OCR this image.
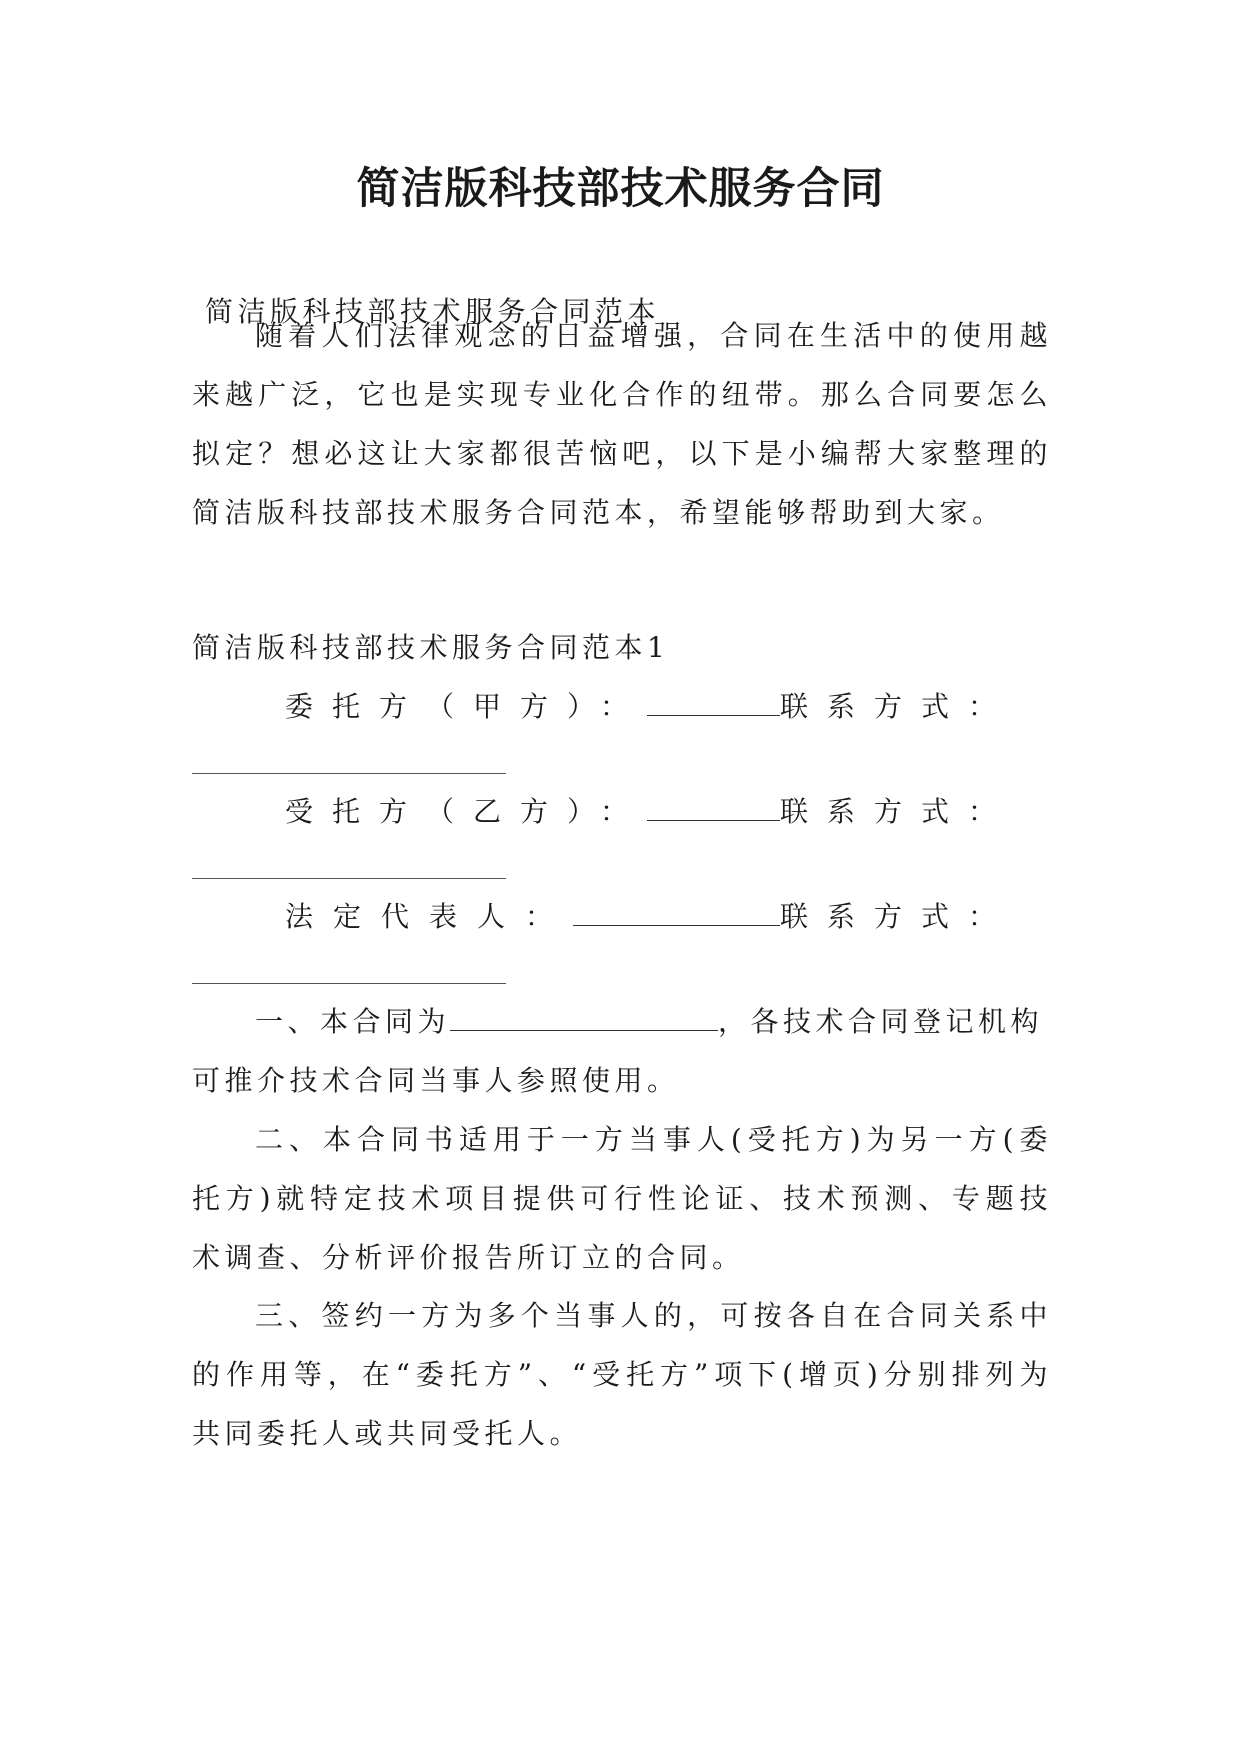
简洁版科技部技术服务合同
简洁版科技部技术服务合同范本
随着人们法律观念的日益增强，合同在生活中的使用越
来越广泛，它也是实现专业化合作的纽带。那么合同要怎么
拟定？想必这让大家都很苦恼吧，以下是小编帮大家整理的
简洁版科技部技术服务合同范本，希望能够帮助到大家。
简洁版科技部技术服务合同范本1
委托方（甲方）：	联系方式：
受托方（乙方）：	联系方式：
法定代表人：	联系方式：
一、本合同为	，各技术合同登记机构
可推介技术合同当事人参照使用。
二、本合同书适用于一方当事人(受托方)为另一方(委
托方)就特定技术项目提供可行性论证、技术预测、专题技
术调查、分析评价报告所订立的合同。
三、签约一方为多个当事人的，可按各自在合同关系中
的作用等，在“委托方”、“受托方”项下(增页)分别排列为
共同委托人或共同受托人。
